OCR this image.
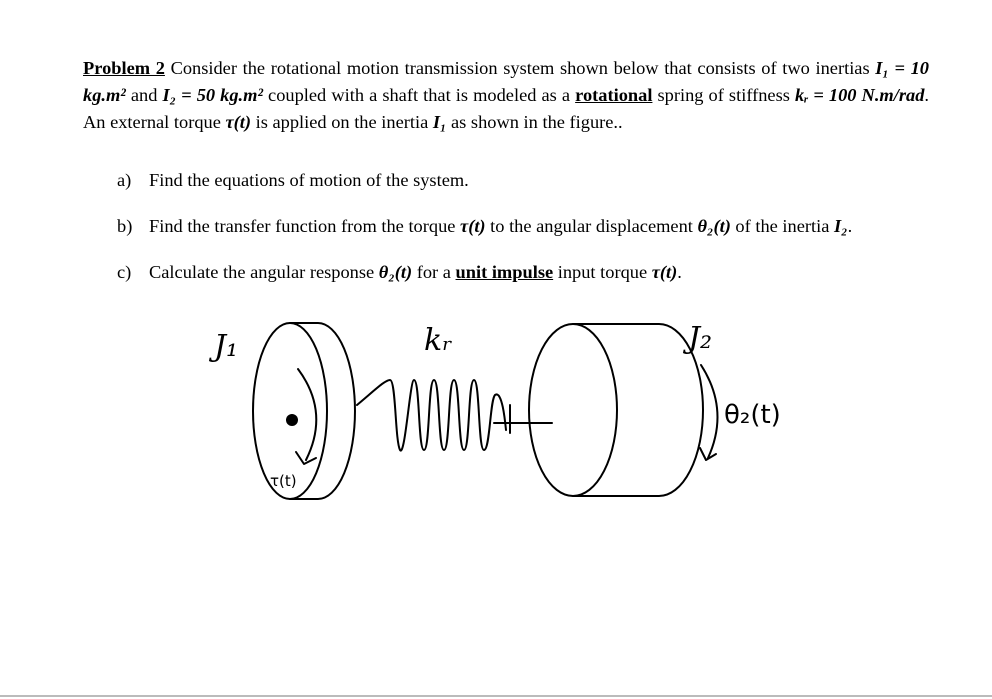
Problem 2 Consider the rotational motion transmission system shown below that consists of two inertias I₁ = 10 kg.m² and I₂ = 50 kg.m² coupled with a shaft that is modeled as a rotational spring of stiffness kᵣ = 100 N.m/rad. An external torque τ(t) is applied on the inertia I₁ as shown in the figure..
a) Find the equations of motion of the system.
b) Find the transfer function from the torque τ(t) to the angular displacement θ₂(t) of the inertia I₂.
c) Calculate the angular response θ₂(t) for a unit impulse input torque τ(t).
J₁	kᵣ	J₂
τ(t)
θ₂(t)
